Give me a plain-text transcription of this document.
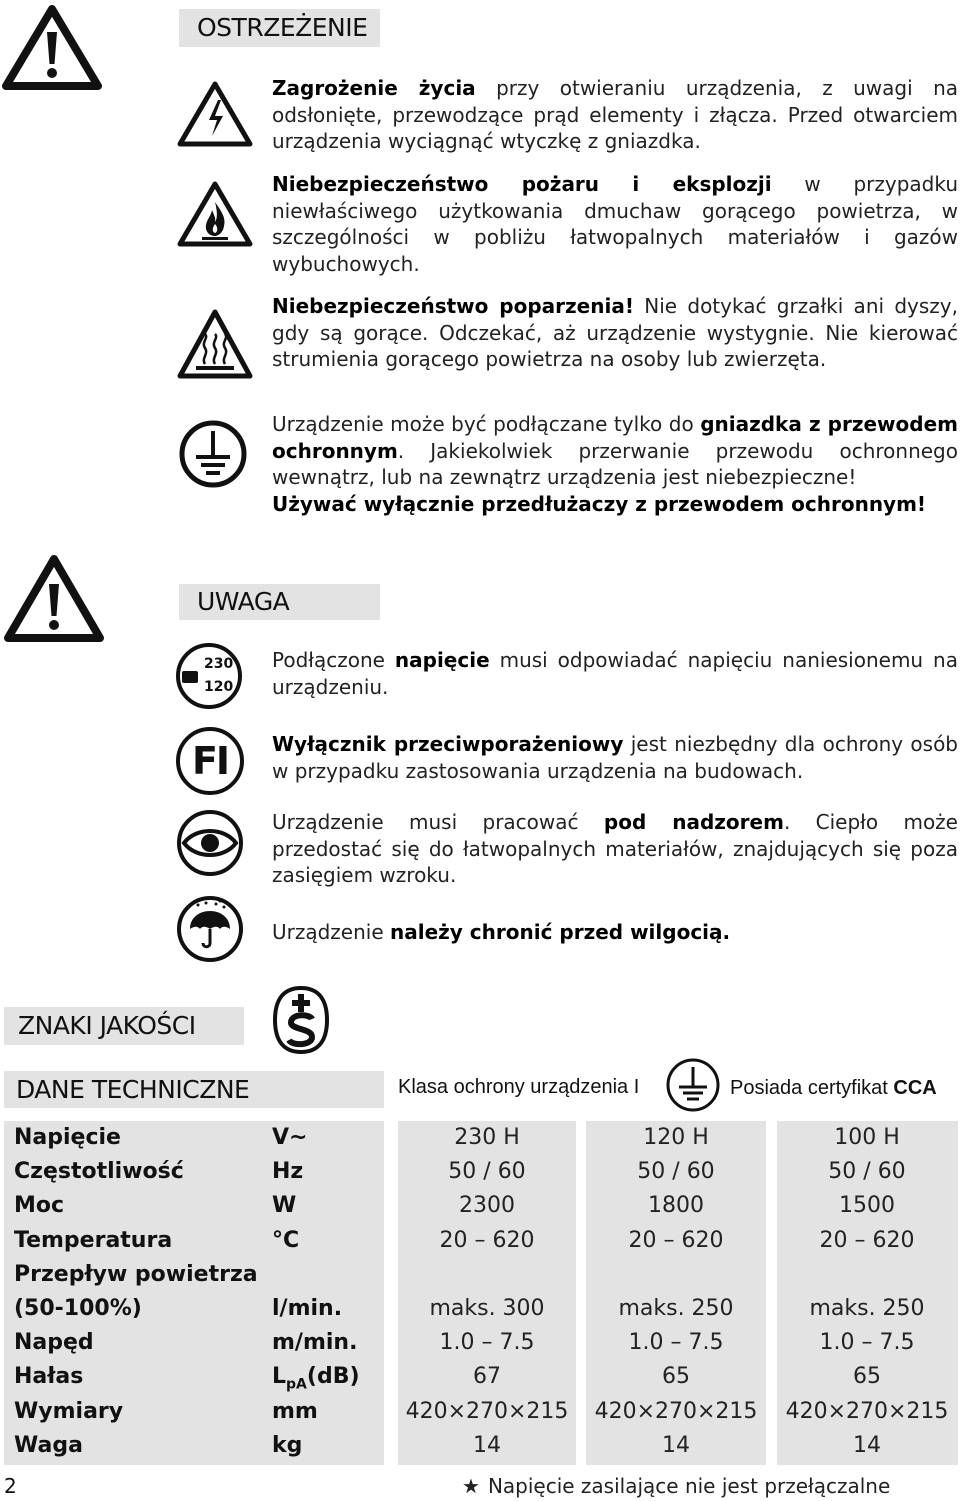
OSTRZEŻENIE
Zagrożenie życia przy otwieraniu urządzenia, z uwagi na odsłonięte, przewodzące prąd elementy i złącza. Przed otwarciem urządzenia wyciągnąć wtyczkę z gniazdka.
Niebezpieczeństwo pożaru i eksplozji w przypadku niewłaściwego użytkowania dmuchaw gorącego powietrza, w szczególności w pobliżu łatwopalnych materiałów i gazów wybuchowych.
Niebezpieczeństwo poparzenia! Nie dotykać grzałki ani dyszy, gdy są gorące. Odczekać, aż urządzenie wystygnie. Nie kierować strumienia gorącego powietrza na osoby lub zwierzęta.
Urządzenie może być podłączane tylko do gniazdka z przewodem ochronnym. Jakiekolwiek przerwanie przewodu ochronnego wewnątrz, lub na zewnątrz urządzenia jest niebezpieczne!
Używać wyłącznie przedłużaczy z przewodem ochronnym!
UWAGA
230
120
FI
Podłączone napięcie musi odpowiadać napięciu naniesionemu na urządzeniu.
Wyłącznik przeciwporażeniowy jest niezbędny dla ochrony osób w przypadku zastosowania urządzenia na budowach.
Urządzenie musi pracować pod nadzorem. Ciepło może przedostać się do łatwopalnych materiałów, znajdujących się poza zasięgiem wzroku.
Urządzenie należy chronić przed wilgocią.
ZNAKI JAKOŚCI
DANE TECHNICZNE	Klasa ochrony urządzenia I	Posiada certyfikat CCA
Napięcie	V~	230 H	120 H	100 H
Częstotliwość	Hz	50 / 60	50 / 60	50 / 60
Moc	W	2300	1800	1500
Temperatura	°C	20 – 620	20 – 620	20 – 620
Przepływ powietrza
(50-100%)	l/min.	maks. 300	maks. 250	maks. 250
Napęd	m/min.	1.0 – 7.5	1.0 – 7.5	1.0 – 7.5
Hałas	$L_{pA}(dB)$	67	65	65
Wymiary	mm	420×270×215	420×270×215	420×270×215
Waga	kg	14	14	14
2	★ Napięcie zasilające nie jest przełączalne
